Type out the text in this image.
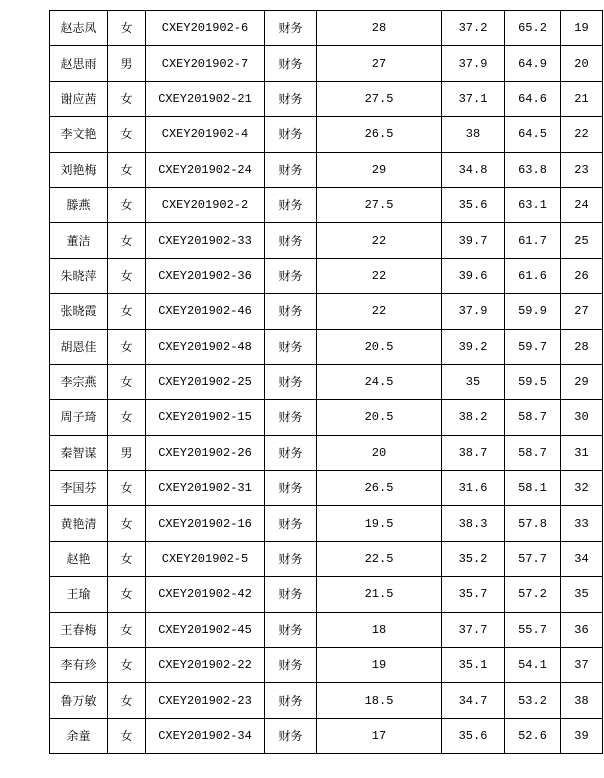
赵志凤	女	CXEY201902-6	财务	28	37.2	65.2	19
赵思雨	男	CXEY201902-7	财务	27	37.9	64.9	20
谢应茜	女	CXEY201902-21	财务	27.5	37.1	64.6	21
李文艳	女	CXEY201902-4	财务	26.5	38	64.5	22
刘艳梅	女	CXEY201902-24	财务	29	34.8	63.8	23
滕燕	女	CXEY201902-2	财务	27.5	35.6	63.1	24
董洁	女	CXEY201902-33	财务	22	39.7	61.7	25
朱晓萍	女	CXEY201902-36	财务	22	39.6	61.6	26
张晓霞	女	CXEY201902-46	财务	22	37.9	59.9	27
胡恩佳	女	CXEY201902-48	财务	20.5	39.2	59.7	28
李宗燕	女	CXEY201902-25	财务	24.5	35	59.5	29
周子琦	女	CXEY201902-15	财务	20.5	38.2	58.7	30
秦智谋	男	CXEY201902-26	财务	20	38.7	58.7	31
李国芬	女	CXEY201902-31	财务	26.5	31.6	58.1	32
黄艳清	女	CXEY201902-16	财务	19.5	38.3	57.8	33
赵艳	女	CXEY201902-5	财务	22.5	35.2	57.7	34
王瑜	女	CXEY201902-42	财务	21.5	35.7	57.2	35
王春梅	女	CXEY201902-45	财务	18	37.7	55.7	36
李有珍	女	CXEY201902-22	财务	19	35.1	54.1	37
鲁万敏	女	CXEY201902-23	财务	18.5	34.7	53.2	38
余童	女	CXEY201902-34	财务	17	35.6	52.6	39
